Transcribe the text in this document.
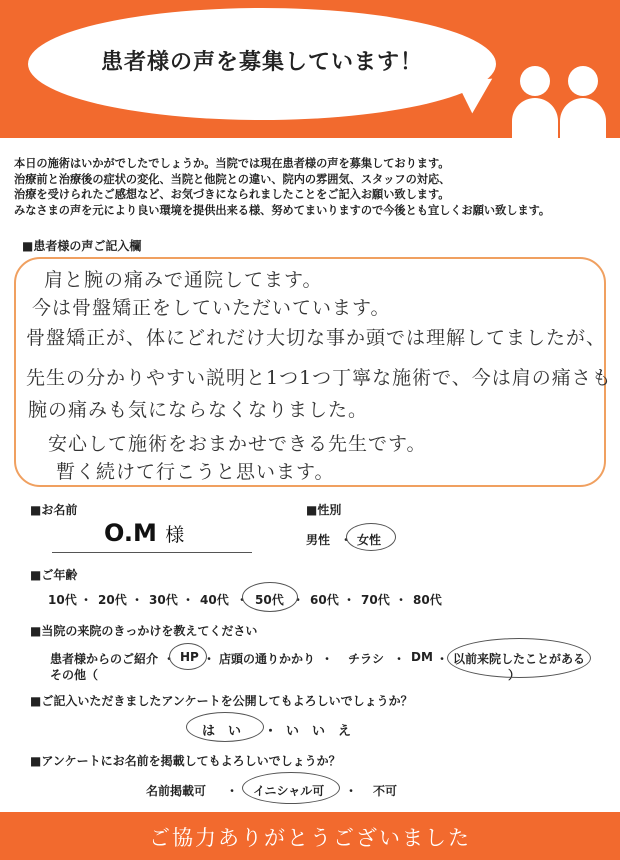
患者様の声を募集しています！

本日の施術はいかがでしたでしょうか。当院では現在患者様の声を募集しております。

治療前と治療後の症状の変化、当院と他院との違い、院内の雰囲気、スタッフの対応、

治療を受けられたご感想など、お気づきになられましたことをご記入お願い致します。

みなさまの声を元により良い環境を提供出来る様、努めてまいりますので今後とも宜しくお願い致します。

■患者様の声ご記入欄
肩と腕の痛みで通院してます。
今は骨盤矯正をしていただいています。
骨盤矯正が、体にどれだけ大切な事か頭では理解してましたが、
先生の分かりやすい説明と1つ1つ丁寧な施術で、今は肩の痛さも
腕の痛みも気にならなくなりました。
安心して施術をおまかせできる先生です。
暫く続けて行こうと思います。
■お名前
O.M 様
■性別
男性 ・ 女性
■ご年齢
10代 ・ 20代 ・ 30代 ・ 40代 ・ 50代 ・ 60代 ・ 70代 ・ 80代
■当院の来院のきっかけを教えてください
患者様からのご紹介 ・ HP ・ 店頭の通りかかり ・ チラシ ・ DM ・ 以前来院したことがある
その他（	）
■ご記入いただきましたアンケートを公開してもよろしいでしょうか？
は　い ・ い　い　え
■アンケートにお名前を掲載してもよろしいでしょうか？
名前掲載可 ・ イニシャル可 ・ 不可
ご協力ありがとうございました
